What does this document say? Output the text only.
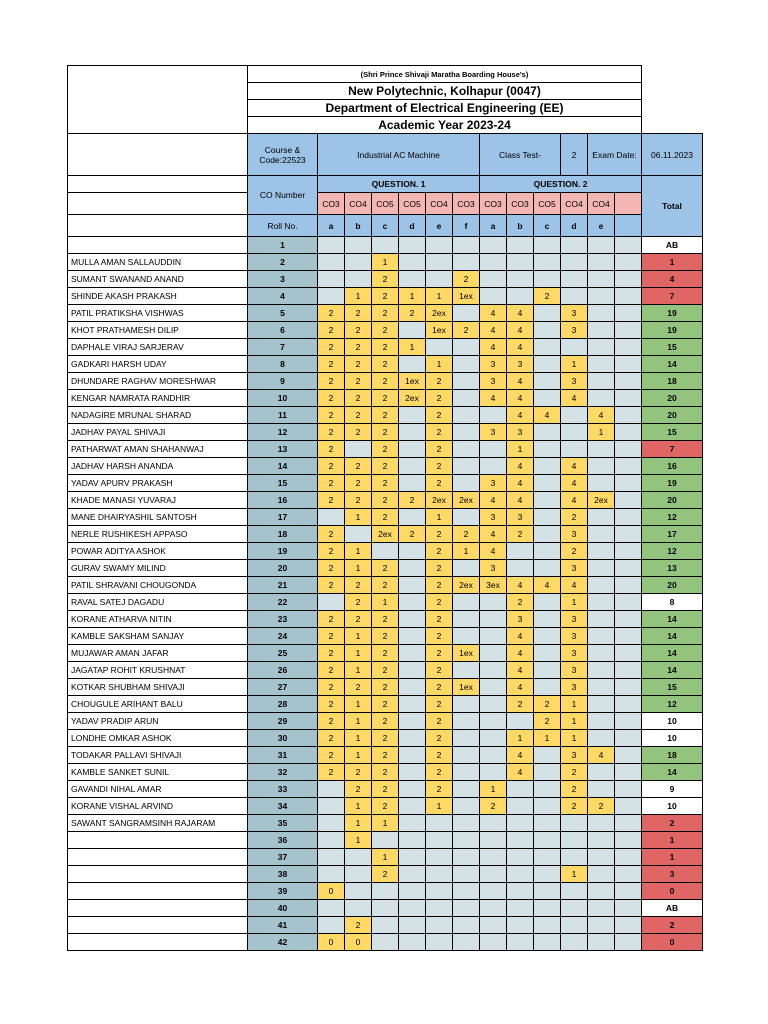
	(Shri Prince Shivaji Maratha Boarding House's)													
	New Polytechnic, Kolhapur (0047)													
	Department of Electrical Engineering (EE)													
	Academic Year 2023-24													
	Course & Code:22523	Industrial AC Machine						Class Test-			2	Exam Date:		06.11.2023
	CO Number	QUESTION. 1						QUESTION. 2						Total
		CO3	CO4	CO5	CO5	CO4	CO3	CO3	CO3	CO5	CO4	CO4		
	Roll No.	a	b	c	d	e	f	a	b	c	d	e		
	1													AB
MULLA AMAN SALLAUDDIN	2			1										1
SUMANT SWANAND ANAND	3			2			2							4
SHINDE AKASH PRAKASH	4		1	2	1	1	1ex			2				7
PATIL PRATIKSHA VISHWAS	5	2	2	2	2	2ex		4	4		3			19
KHOT PRATHAMESH DILIP	6	2	2	2		1ex	2	4	4		3			19
DAPHALE VIRAJ SARJERAV	7	2	2	2	1			4	4					15
GADKARI HARSH UDAY	8	2	2	2		1		3	3		1			14
DHUNDARE RAGHAV MORESHWAR	9	2	2	2	1ex	2		3	4		3			18
KENGAR NAMRATA RANDHIR	10	2	2	2	2ex	2		4	4		4			20
NADAGIRE MRUNAL SHARAD	11	2	2	2		2			4	4		4		20
JADHAV PAYAL SHIVAJI	12	2	2	2		2		3	3			1		15
PATHARWAT AMAN SHAHANWAJ	13	2		2		2			1					7
JADHAV HARSH ANANDA	14	2	2	2		2			4		4			16
YADAV APURV PRAKASH	15	2	2	2		2		3	4		4			19
KHADE MANASI YUVARAJ	16	2	2	2	2	2ex	2ex	4	4		4	2ex		20
MANE DHAIRYASHIL SANTOSH	17		1	2		1		3	3		2			12
NERLE RUSHIKESH APPASO	18	2		2ex	2	2	2	4	2		3			17
POWAR ADITYA ASHOK	19	2	1			2	1	4			2			12
GURAV SWAMY MILIND	20	2	1	2		2		3			3			13
PATIL SHRAVANI CHOUGONDA	21	2	2	2		2	2ex	3ex	4	4	4			20
RAVAL SATEJ DAGADU	22		2	1		2			2		1			8
KORANE ATHARVA NITIN	23	2	2	2		2			3		3			14
KAMBLE SAKSHAM SANJAY	24	2	1	2		2			4		3			14
MUJAWAR AMAN JAFAR	25	2	1	2		2	1ex		4		3			14
JAGATAP ROHIT KRUSHNAT	26	2	1	2		2			4		3			14
KOTKAR SHUBHAM SHIVAJI	27	2	2	2		2	1ex		4		3			15
CHOUGULE ARIHANT BALU	28	2	1	2		2			2	2	1			12
YADAV PRADIP ARUN	29	2	1	2		2				2	1			10
LONDHE OMKAR ASHOK	30	2	1	2		2			1	1	1			10
TODAKAR PALLAVI SHIVAJI	31	2	1	2		2			4		3	4		18
KAMBLE SANKET SUNIL	32	2	2	2		2			4		2			14
GAVANDI NIHAL AMAR	33		2	2		2		1			2			9
KORANE VISHAL ARVIND	34		1	2		1		2			2	2		10
SAWANT SANGRAMSINH RAJARAM	35		1	1										2
	36		1											1
	37			1										1
	38			2							1			3
	39	0												0
	40													AB
	41		2											2
	42	0	0											0
